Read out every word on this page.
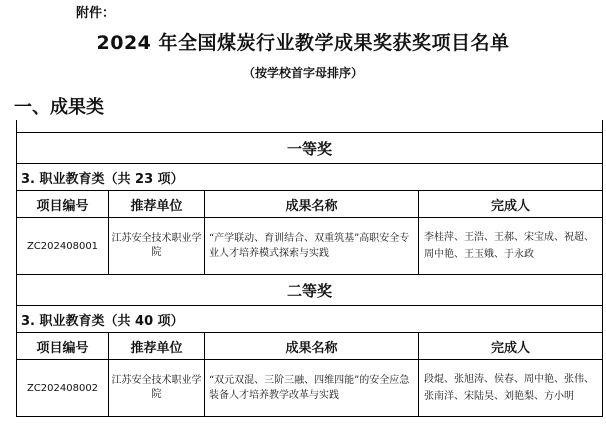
附件：
2024 年全国煤炭行业教学成果奖获奖项目名单
（按学校首字母排序）
一、成果类

一等奖			
3. 职业教育类（共 23 项）			
项目编号	推荐单位	成果名称	完成人
ZC202408001	江苏安全技术职业学院	“产学联动、育训结合、双重筑基”高职安全专业人才培养模式探索与实践	李桂萍、王浩、王郝、宋宝成、祝超、周中艳、王玉娥、于永政
二等奖			
3. 职业教育类（共 40 项）			
项目编号	推荐单位	成果名称	完成人
ZC202408002	江苏安全技术职业学院	“双元双混、三阶三融、四维四能”的安全应急装备人才培养教学改革与实践	段焜、张旭涛、侯春、周中艳、张伟、张南洋、宋陆昊、刘艳梨、方小明
